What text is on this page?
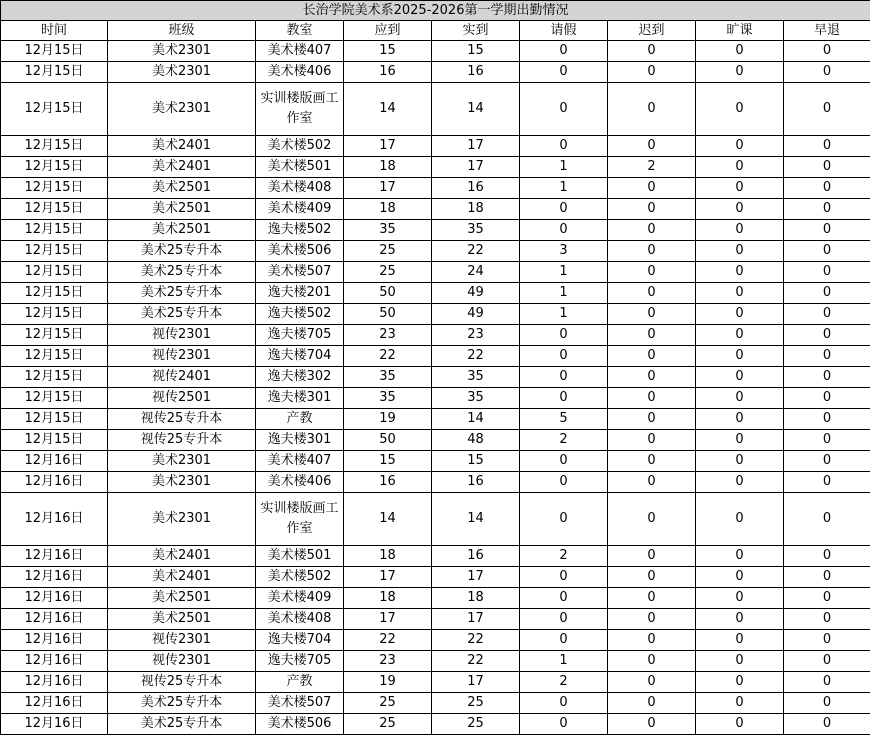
长治学院美术系2025-2026第一学期出勤情况								
时间	班级	教室	应到	实到	请假	迟到	旷课	早退
12月15日	美术2301	美术楼407	15	15	0	0	0	0
12月15日	美术2301	美术楼406	16	16	0	0	0	0
12月15日	美术2301	实训楼版画工作室	14	14	0	0	0	0
12月15日	美术2401	美术楼502	17	17	0	0	0	0
12月15日	美术2401	美术楼501	18	17	1	2	0	0
12月15日	美术2501	美术楼408	17	16	1	0	0	0
12月15日	美术2501	美术楼409	18	18	0	0	0	0
12月15日	美术2501	逸夫楼502	35	35	0	0	0	0
12月15日	美术25专升本	美术楼506	25	22	3	0	0	0
12月15日	美术25专升本	美术楼507	25	24	1	0	0	0
12月15日	美术25专升本	逸夫楼201	50	49	1	0	0	0
12月15日	美术25专升本	逸夫楼502	50	49	1	0	0	0
12月15日	视传2301	逸夫楼705	23	23	0	0	0	0
12月15日	视传2301	逸夫楼704	22	22	0	0	0	0
12月15日	视传2401	逸夫楼302	35	35	0	0	0	0
12月15日	视传2501	逸夫楼301	35	35	0	0	0	0
12月15日	视传25专升本	产教	19	14	5	0	0	0
12月15日	视传25专升本	逸夫楼301	50	48	2	0	0	0
12月16日	美术2301	美术楼407	15	15	0	0	0	0
12月16日	美术2301	美术楼406	16	16	0	0	0	0
12月16日	美术2301	实训楼版画工作室	14	14	0	0	0	0
12月16日	美术2401	美术楼501	18	16	2	0	0	0
12月16日	美术2401	美术楼502	17	17	0	0	0	0
12月16日	美术2501	美术楼409	18	18	0	0	0	0
12月16日	美术2501	美术楼408	17	17	0	0	0	0
12月16日	视传2301	逸夫楼704	22	22	0	0	0	0
12月16日	视传2301	逸夫楼705	23	22	1	0	0	0
12月16日	视传25专升本	产教	19	17	2	0	0	0
12月16日	美术25专升本	美术楼507	25	25	0	0	0	0
12月16日	美术25专升本	美术楼506	25	25	0	0	0	0
